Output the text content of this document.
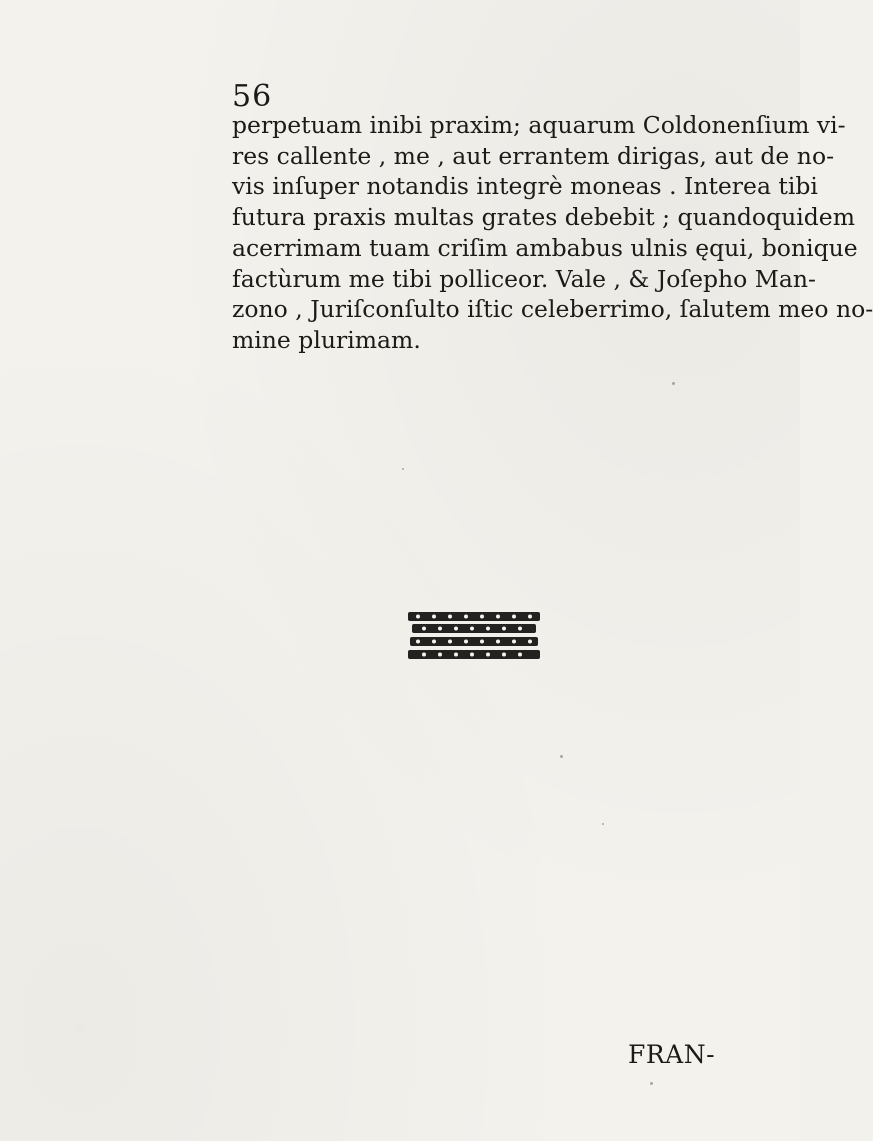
56
perpetuam inibi praxim; aquarum Coldonenſium vi-
res callente , me , aut errantem dirigas, aut de no-
vis inſuper notandis integrè moneas . Interea tibi
futura praxis multas grates debebit ; quandoquidem
acerrimam tuam criſim ambabus ulnis ęqui, bonique
factùrum me tibi polliceor. Vale , & Joſepho Man-
zono , Juriſconſulto iſtic celeberrimo, ſalutem meo no-
mine plurimam.
FRAN-
